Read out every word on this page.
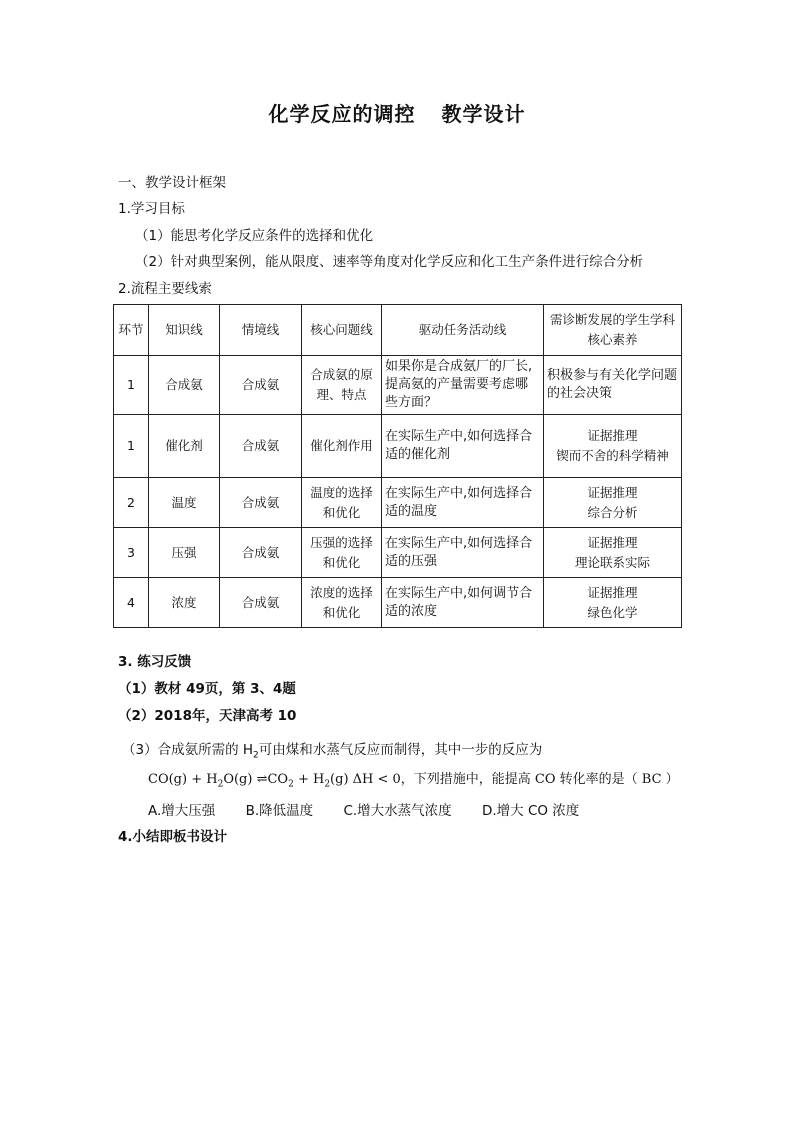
化学反应的调控 教学设计
一、教学设计框架
1.学习目标
（1）能思考化学反应条件的选择和优化
（2）针对典型案例，能从限度、速率等角度对化学反应和化工生产条件进行综合分析
2.流程主要线索
环节	知识线	情境线	核心问题线	驱动任务活动线	需诊断发展的学生学科核心素养
1	合成氨	合成氨	合成氨的原理、特点	如果你是合成氨厂的厂长,提高氨的产量需要考虑哪些方面？	积极参与有关化学问题的社会决策

1	催化剂	合成氨	催化剂作用	在实际生产中,如何选择合适的催化剂	证据推理
锲而不舍的科学精神

2	温度	合成氨	温度的选择和优化	在实际生产中,如何选择合适的温度	证据推理
综合分析

3	压强	合成氨	压强的选择和优化	在实际生产中,如何选择合适的压强	证据推理
理论联系实际

4	浓度	合成氨	浓度的选择和优化	在实际生产中,如何调节合适的浓度	证据推理
绿色化学
3. 练习反馈
（1）教材 49页，第 3、4题
（2）2018年，天津高考 10
（3）合成氨所需的 $H_2$可由煤和水蒸气反应而制得，其中一步的反应为
$CO(g) + H_2O(g)$ $\rightleftharpoons CO_2 + H_2(g) \Delta H < 0$，下列措施中，能提高 CO 转化率的是（ BC ）
A.增大压强 B.降低温度 C.增大水蒸气浓度 D.增大 CO 浓度
4.小结即板书设计
